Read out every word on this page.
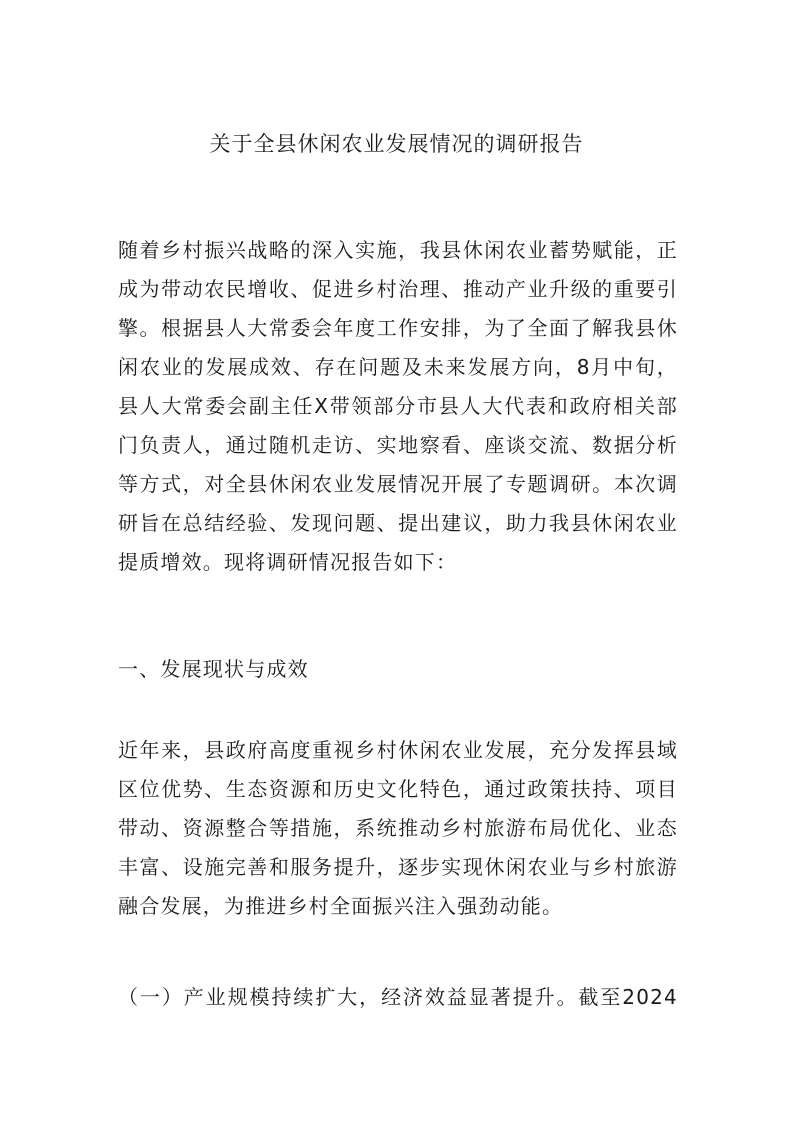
关于全县休闲农业发展情况的调研报告
随着乡村振兴战略的深入实施，我县休闲农业蓄势赋能，正
成为带动农民增收、促进乡村治理、推动产业升级的重要引
擎。根据县人大常委会年度工作安排，为了全面了解我县休
闲农业的发展成效、存在问题及未来发展方向，8月中旬，
县人大常委会副主任X带领部分市县人大代表和政府相关部
门负责人，通过随机走访、实地察看、座谈交流、数据分析
等方式，对全县休闲农业发展情况开展了专题调研。本次调
研旨在总结经验、发现问题、提出建议，助力我县休闲农业
提质增效。现将调研情况报告如下：

一、发展现状与成效

近年来，县政府高度重视乡村休闲农业发展，充分发挥县域
区位优势、生态资源和历史文化特色，通过政策扶持、项目
带动、资源整合等措施，系统推动乡村旅游布局优化、业态
丰富、设施完善和服务提升，逐步实现休闲农业与乡村旅游
融合发展，为推进乡村全面振兴注入强劲动能。
（一）产业规模持续扩大，经济效益显著提升。截至2024
